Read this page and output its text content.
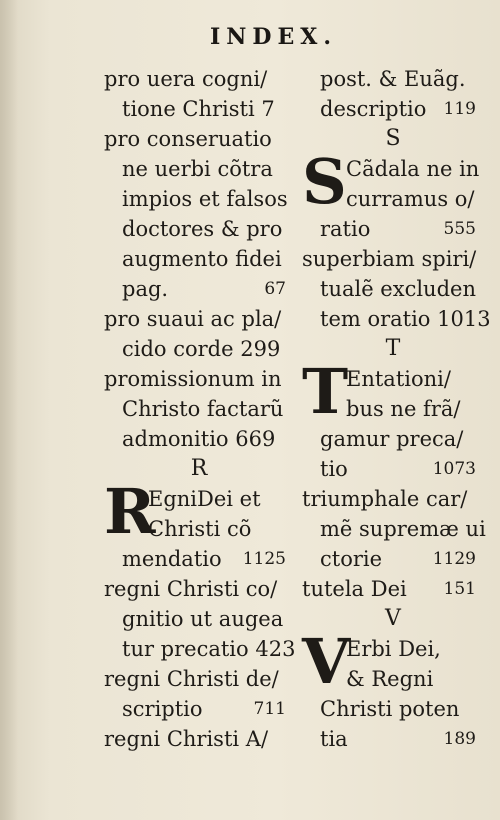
INDEX.
pro uera cogni/
tione Christi 7
pro conseruatio
ne uerbi cõtra
impios et falsos
doctores & pro
augmento fidei
pag.	67
pro suaui ac pla/
cido corde 299
promissionum in
Christo factarũ
admonitio 669
R
R
EgniDei et
Christi cõ
mendatio 1125
regni Christi co/
gnitio ut augea
tur precatio 423
regni Christi de/
scriptio	711
regni Christi A/
post. & Euãg.
descriptio 119
S
S Cãdala ne in
curramus o/
ratio	555
superbiam spiri/
tualẽ excluden
tem oratio 1013
T
T
Entationi/
bus ne frã/
gamur preca/
tio	1073
triumphale car/
mẽ supremæ ui
ctorie	1129
tutela Dei 151
V
V
Erbi Dei,
& Regni
Christi poten
tia	189
